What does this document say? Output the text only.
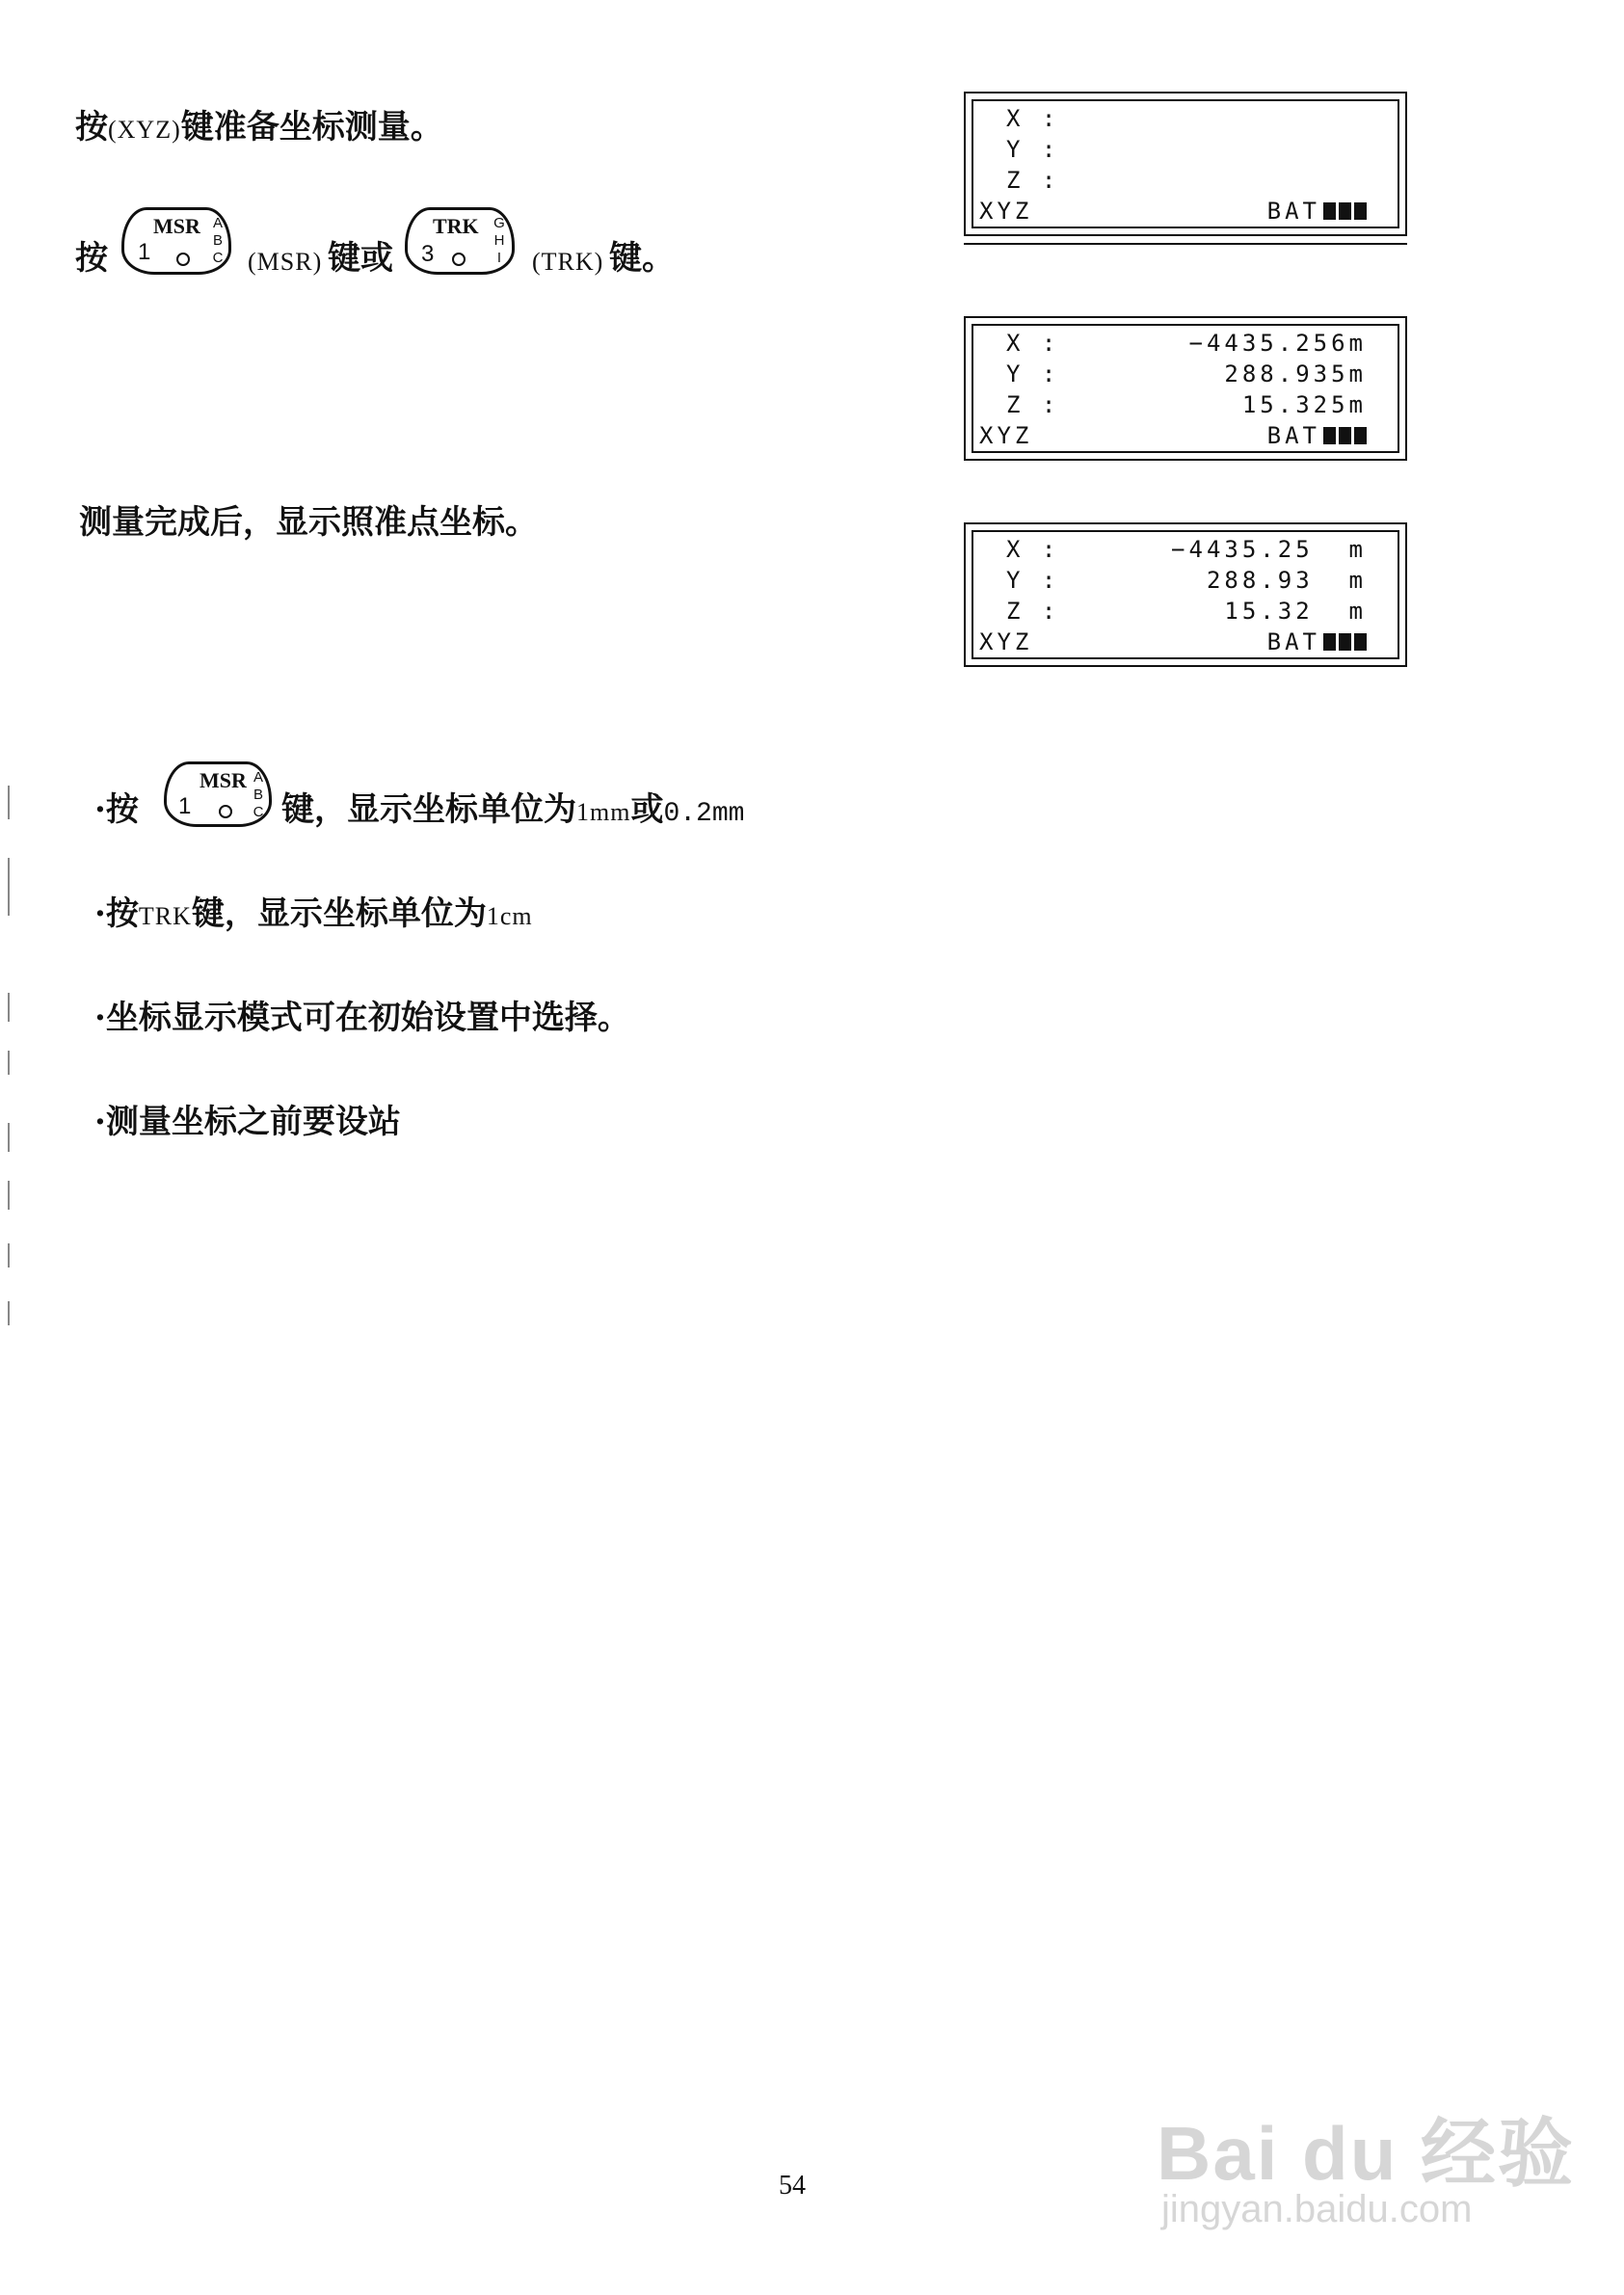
按(XYZ)键准备坐标测量。
按
MSR
1
A
B
C (MSR) 键或
TRK
3
G
H
I (TRK) 键。
测量完成后，显示照准点坐标。
X :
Y :
Z :
XYZ	BAT
X :	−4435.256m
Y :	288.935m
Z :	15.325m
XYZ	BAT
X :	−4435.25  m
Y :	288.93  m
Z :	15.32  m
XYZ	BAT
·按
MSR
1
A
B
C 键，显示坐标单位为1mm或0.2mm
·按TRK键，显示坐标单位为1cm
·坐标显示模式可在初始设置中选择。
·测量坐标之前要设站
54	Bai du 经验
jingyan.baidu.com
